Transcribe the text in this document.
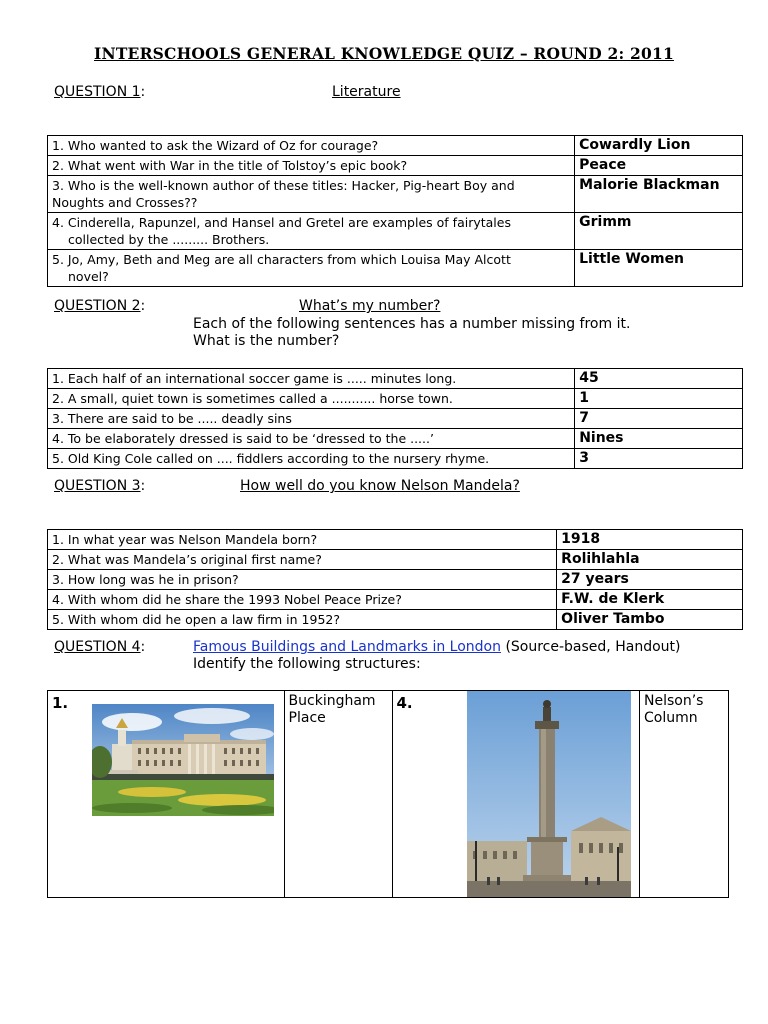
INTERSCHOOLS GENERAL KNOWLEDGE QUIZ – ROUND 2: 2011
QUESTION 1:	Literature
1. Who wanted to ask the Wizard of Oz for courage?	Cowardly Lion
2. What went with War in the title of Tolstoy’s epic book?	Peace

3. Who is the well-known author of these titles: Hacker, Pig-heart Boy and
Noughts and Crosses??	Malorie Blackman

4. Cinderella, Rapunzel, and Hansel and Gretel are examples of fairytales
collected by the ......... Brothers.	Grimm

5. Jo, Amy, Beth and Meg are all characters from which Louisa May Alcott
novel?	Little Women
QUESTION 2:	What’s my number?
Each of the following sentences has a number missing from it.
What is the number?
1. Each half of an international soccer game is ..... minutes long.	45
2. A small, quiet town is sometimes called a ........... horse town.	1
3. There are said to be ..... deadly sins	7
4. To be elaborately dressed is said to be ‘dressed to the .....’	Nines
5. Old King Cole called on .... fiddlers according to the nursery rhyme.	3
QUESTION 3:	How well do you know Nelson Mandela?
1. In what year was Nelson Mandela born?	1918
2. What was Mandela’s original first name?	Rolihlahla
3. How long was he in prison?	27 years
4. With whom did he share the 1993 Nobel Peace Prize?	F.W. de Klerk
5. With whom did he open a law firm in 1952?	Oliver Tambo
QUESTION 4:	Famous Buildings and Landmarks in London (Source-based, Handout)
Identify the following structures:
1.	Buckingham
Place
	4.	Nelson’s
Column
